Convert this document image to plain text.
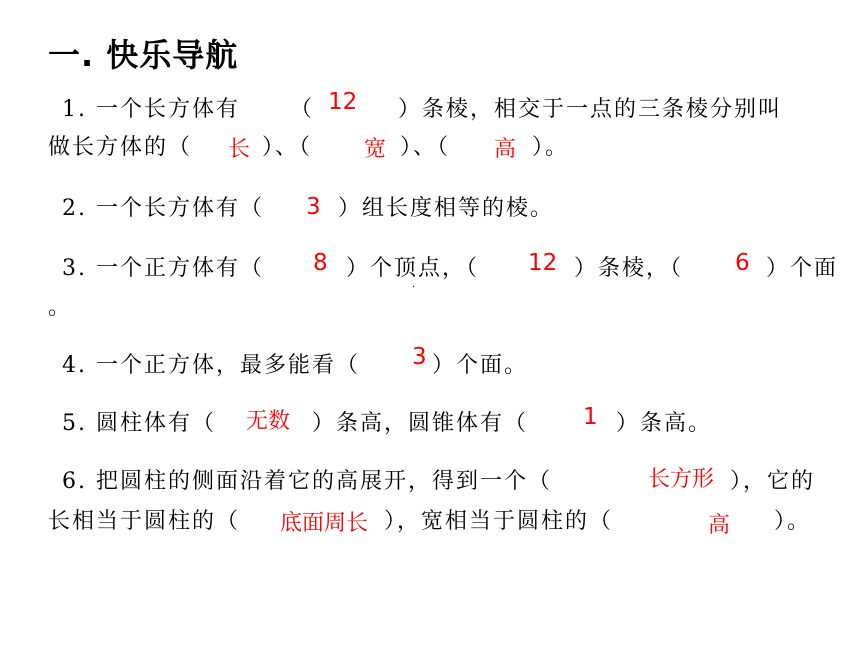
一. 快乐导航
1. 一个长方体有 （ 12 ）条棱，相交于一点的三条棱分别叫
做长方体的（ 长 ）、（ 宽 ）、（ 高 ）。
2. 一个长方体有（ 3 ）组长度相等的棱。
3. 一个正方体有（ 8 ）个顶点，（ 12 ）条棱，（ 6 ）个面
。
·
4. 一个正方体，最多能看（ 3 ）个面。
5. 圆柱体有（ 无数 ）条高，圆锥体有（ 1 ）条高。
6. 把圆柱的侧面沿着它的高展开，得到一个（	长方形 ），它的
长相当于圆柱的（ 底面周长 ），宽相当于圆柱的（	高 ）。
